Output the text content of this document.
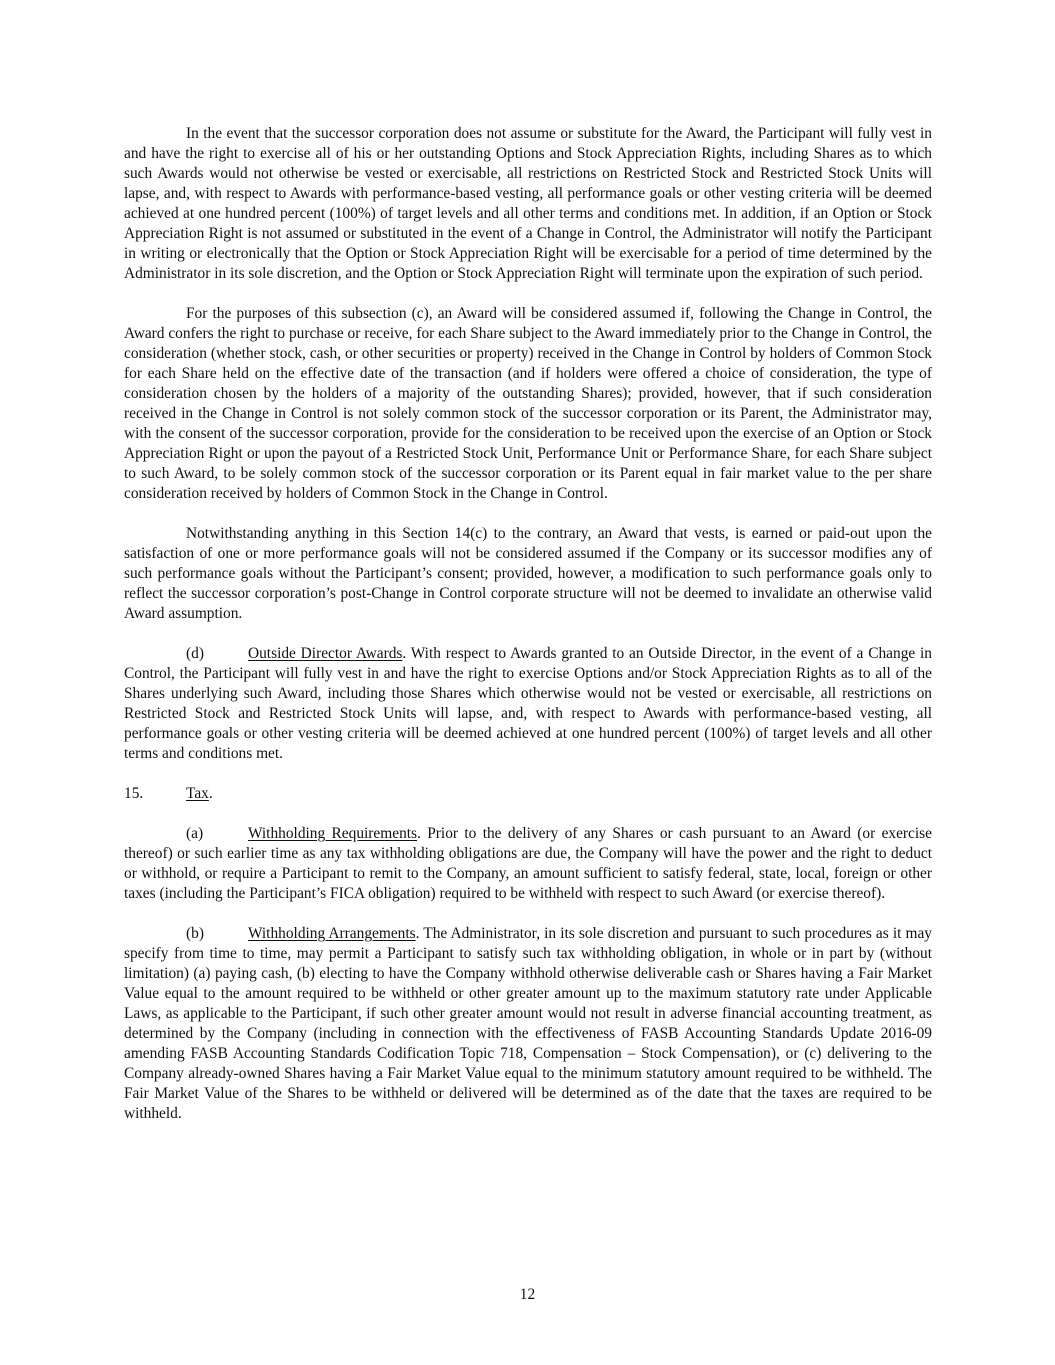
In the event that the successor corporation does not assume or substitute for the Award, the Participant will fully vest in and have the right to exercise all of his or her outstanding Options and Stock Appreciation Rights, including Shares as to which such Awards would not otherwise be vested or exercisable, all restrictions on Restricted Stock and Restricted Stock Units will lapse, and, with respect to Awards with performance-based vesting, all performance goals or other vesting criteria will be deemed achieved at one hundred percent (100%) of target levels and all other terms and conditions met. In addition, if an Option or Stock Appreciation Right is not assumed or substituted in the event of a Change in Control, the Administrator will notify the Participant in writing or electronically that the Option or Stock Appreciation Right will be exercisable for a period of time determined by the Administrator in its sole discretion, and the Option or Stock Appreciation Right will terminate upon the expiration of such period.

For the purposes of this subsection (c), an Award will be considered assumed if, following the Change in Control, the Award confers the right to purchase or receive, for each Share subject to the Award immediately prior to the Change in Control, the consideration (whether stock, cash, or other securities or property) received in the Change in Control by holders of Common Stock for each Share held on the effective date of the transaction (and if holders were offered a choice of consideration, the type of consideration chosen by the holders of a majority of the outstanding Shares); provided, however, that if such consideration received in the Change in Control is not solely common stock of the successor corporation or its Parent, the Administrator may, with the consent of the successor corporation, provide for the consideration to be received upon the exercise of an Option or Stock Appreciation Right or upon the payout of a Restricted Stock Unit, Performance Unit or Performance Share, for each Share subject to such Award, to be solely common stock of the successor corporation or its Parent equal in fair market value to the per share consideration received by holders of Common Stock in the Change in Control.

Notwithstanding anything in this Section 14(c) to the contrary, an Award that vests, is earned or paid-out upon the satisfaction of one or more performance goals will not be considered assumed if the Company or its successor modifies any of such performance goals without the Participant’s consent; provided, however, a modification to such performance goals only to reflect the successor corporation’s post-Change in Control corporate structure will not be deemed to invalidate an otherwise valid Award assumption.

(d)	Outside Director Awards. With respect to Awards granted to an Outside Director, in the event of a Change in Control, the Participant will fully vest in and have the right to exercise Options and/or Stock Appreciation Rights as to all of the Shares underlying such Award, including those Shares which otherwise would not be vested or exercisable, all restrictions on Restricted Stock and Restricted Stock Units will lapse, and, with respect to Awards with performance-based vesting, all performance goals or other vesting criteria will be deemed achieved at one hundred percent (100%) of target levels and all other terms and conditions met.

15.	Tax.

(a)	Withholding Requirements. Prior to the delivery of any Shares or cash pursuant to an Award (or exercise thereof) or such earlier time as any tax withholding obligations are due, the Company will have the power and the right to deduct or withhold, or require a Participant to remit to the Company, an amount sufficient to satisfy federal, state, local, foreign or other taxes (including the Participant’s FICA obligation) required to be withheld with respect to such Award (or exercise thereof).

(b)	Withholding Arrangements. The Administrator, in its sole discretion and pursuant to such procedures as it may specify from time to time, may permit a Participant to satisfy such tax withholding obligation, in whole or in part by (without limitation) (a) paying cash, (b) electing to have the Company withhold otherwise deliverable cash or Shares having a Fair Market Value equal to the amount required to be withheld or other greater amount up to the maximum statutory rate under Applicable Laws, as applicable to the Participant, if such other greater amount would not result in adverse financial accounting treatment, as determined by the Company (including in connection with the effectiveness of FASB Accounting Standards Update 2016-09 amending FASB Accounting Standards Codification Topic 718, Compensation – Stock Compensation), or (c) delivering to the Company already-owned Shares having a Fair Market Value equal to the minimum statutory amount required to be withheld. The Fair Market Value of the Shares to be withheld or delivered will be determined as of the date that the taxes are required to be withheld.

12
